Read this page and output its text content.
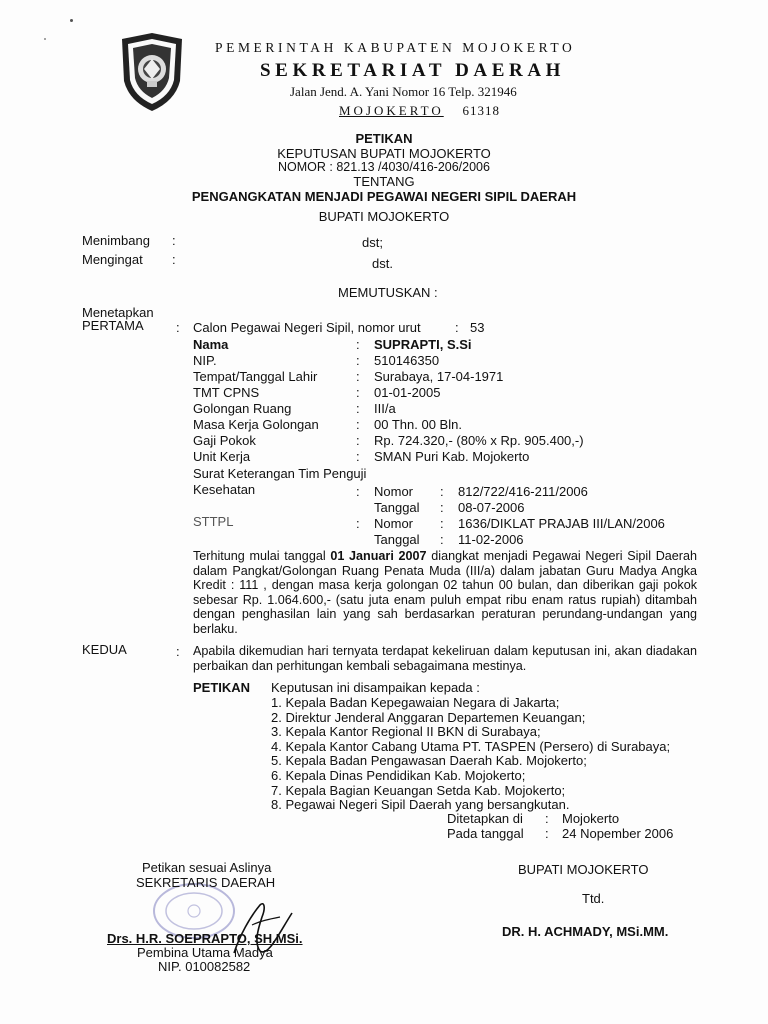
PEMERINTAH KABUPATEN MOJOKERTO
SEKRETARIAT DAERAH
Jalan Jend. A. Yani Nomor 16 Telp. 321946
MOJOKERTO 61318
PETIKAN
KEPUTUSAN BUPATI MOJOKERTO
NOMOR : 821.13 /4030/416-206/2006
TENTANG
PENGANGKATAN MENJADI PEGAWAI NEGERI SIPIL DAERAH
BUPATI MOJOKERTO
Menimbang :	dst;
Mengingat :	dst.
MEMUTUSKAN :
Menetapkan
PERTAMA : Calon Pegawai Negeri Sipil, nomor urut	: 53
Nama	: SUPRAPTI, S.Si
NIP.	: 510146350
Tempat/Tanggal Lahir	: Surabaya, 17-04-1971
TMT CPNS	: 01-01-2005
Golongan Ruang	: III/a
Masa Kerja Golongan	: 00 Thn. 00 Bln.
Gaji Pokok	: Rp. 724.320,- (80% x Rp. 905.400,-)
Unit Kerja	: SMAN Puri Kab. Mojokerto
Surat Keterangan Tim Penguji
Kesehatan	: Nomor : 812/722/416-211/2006
Tanggal : 08-07-2006
STTPL	: Nomor : 1636/DIKLAT PRAJAB III/LAN/2006
Tanggal : 11-02-2006
Terhitung mulai tanggal 01 Januari 2007 diangkat menjadi Pegawai Negeri Sipil Daerah dalam Pangkat/Golongan Ruang Penata Muda (III/a) dalam jabatan Guru Madya Angka Kredit : 111 , dengan masa kerja golongan 02 tahun 00 bulan, dan diberikan gaji pokok sebesar Rp. 1.064.600,- (satu juta enam puluh empat ribu enam ratus rupiah) ditambah dengan penghasilan lain yang sah berdasarkan peraturan perundang-undangan yang berlaku.
KEDUA	: Apabila dikemudian hari ternyata terdapat kekeliruan dalam keputusan ini, akan diadakan perbaikan dan perhitungan kembali sebagaimana mestinya.
PETIKAN Keputusan ini disampaikan kepada :
1. Kepala Badan Kepegawaian Negara di Jakarta;
2. Direktur Jenderal Anggaran Departemen Keuangan;
3. Kepala Kantor Regional II BKN di Surabaya;
4. Kepala Kantor Cabang Utama PT. TASPEN (Persero) di Surabaya;
5. Kepala Badan Pengawasan Daerah Kab. Mojokerto;
6. Kepala Dinas Pendidikan Kab. Mojokerto;
7. Kepala Bagian Keuangan Setda Kab. Mojokerto;
8. Pegawai Negeri Sipil Daerah yang bersangkutan.
Ditetapkan di : Mojokerto
Pada tanggal : 24 Nopember 2006
Petikan sesuai Aslinya
SEKRETARIS DAERAH
Drs. H.R. SOEPRAPTO, SH.MSi.
Pembina Utama Madya
NIP. 010082582
BUPATI MOJOKERTO
Ttd.
DR. H. ACHMADY, MSi.MM.
